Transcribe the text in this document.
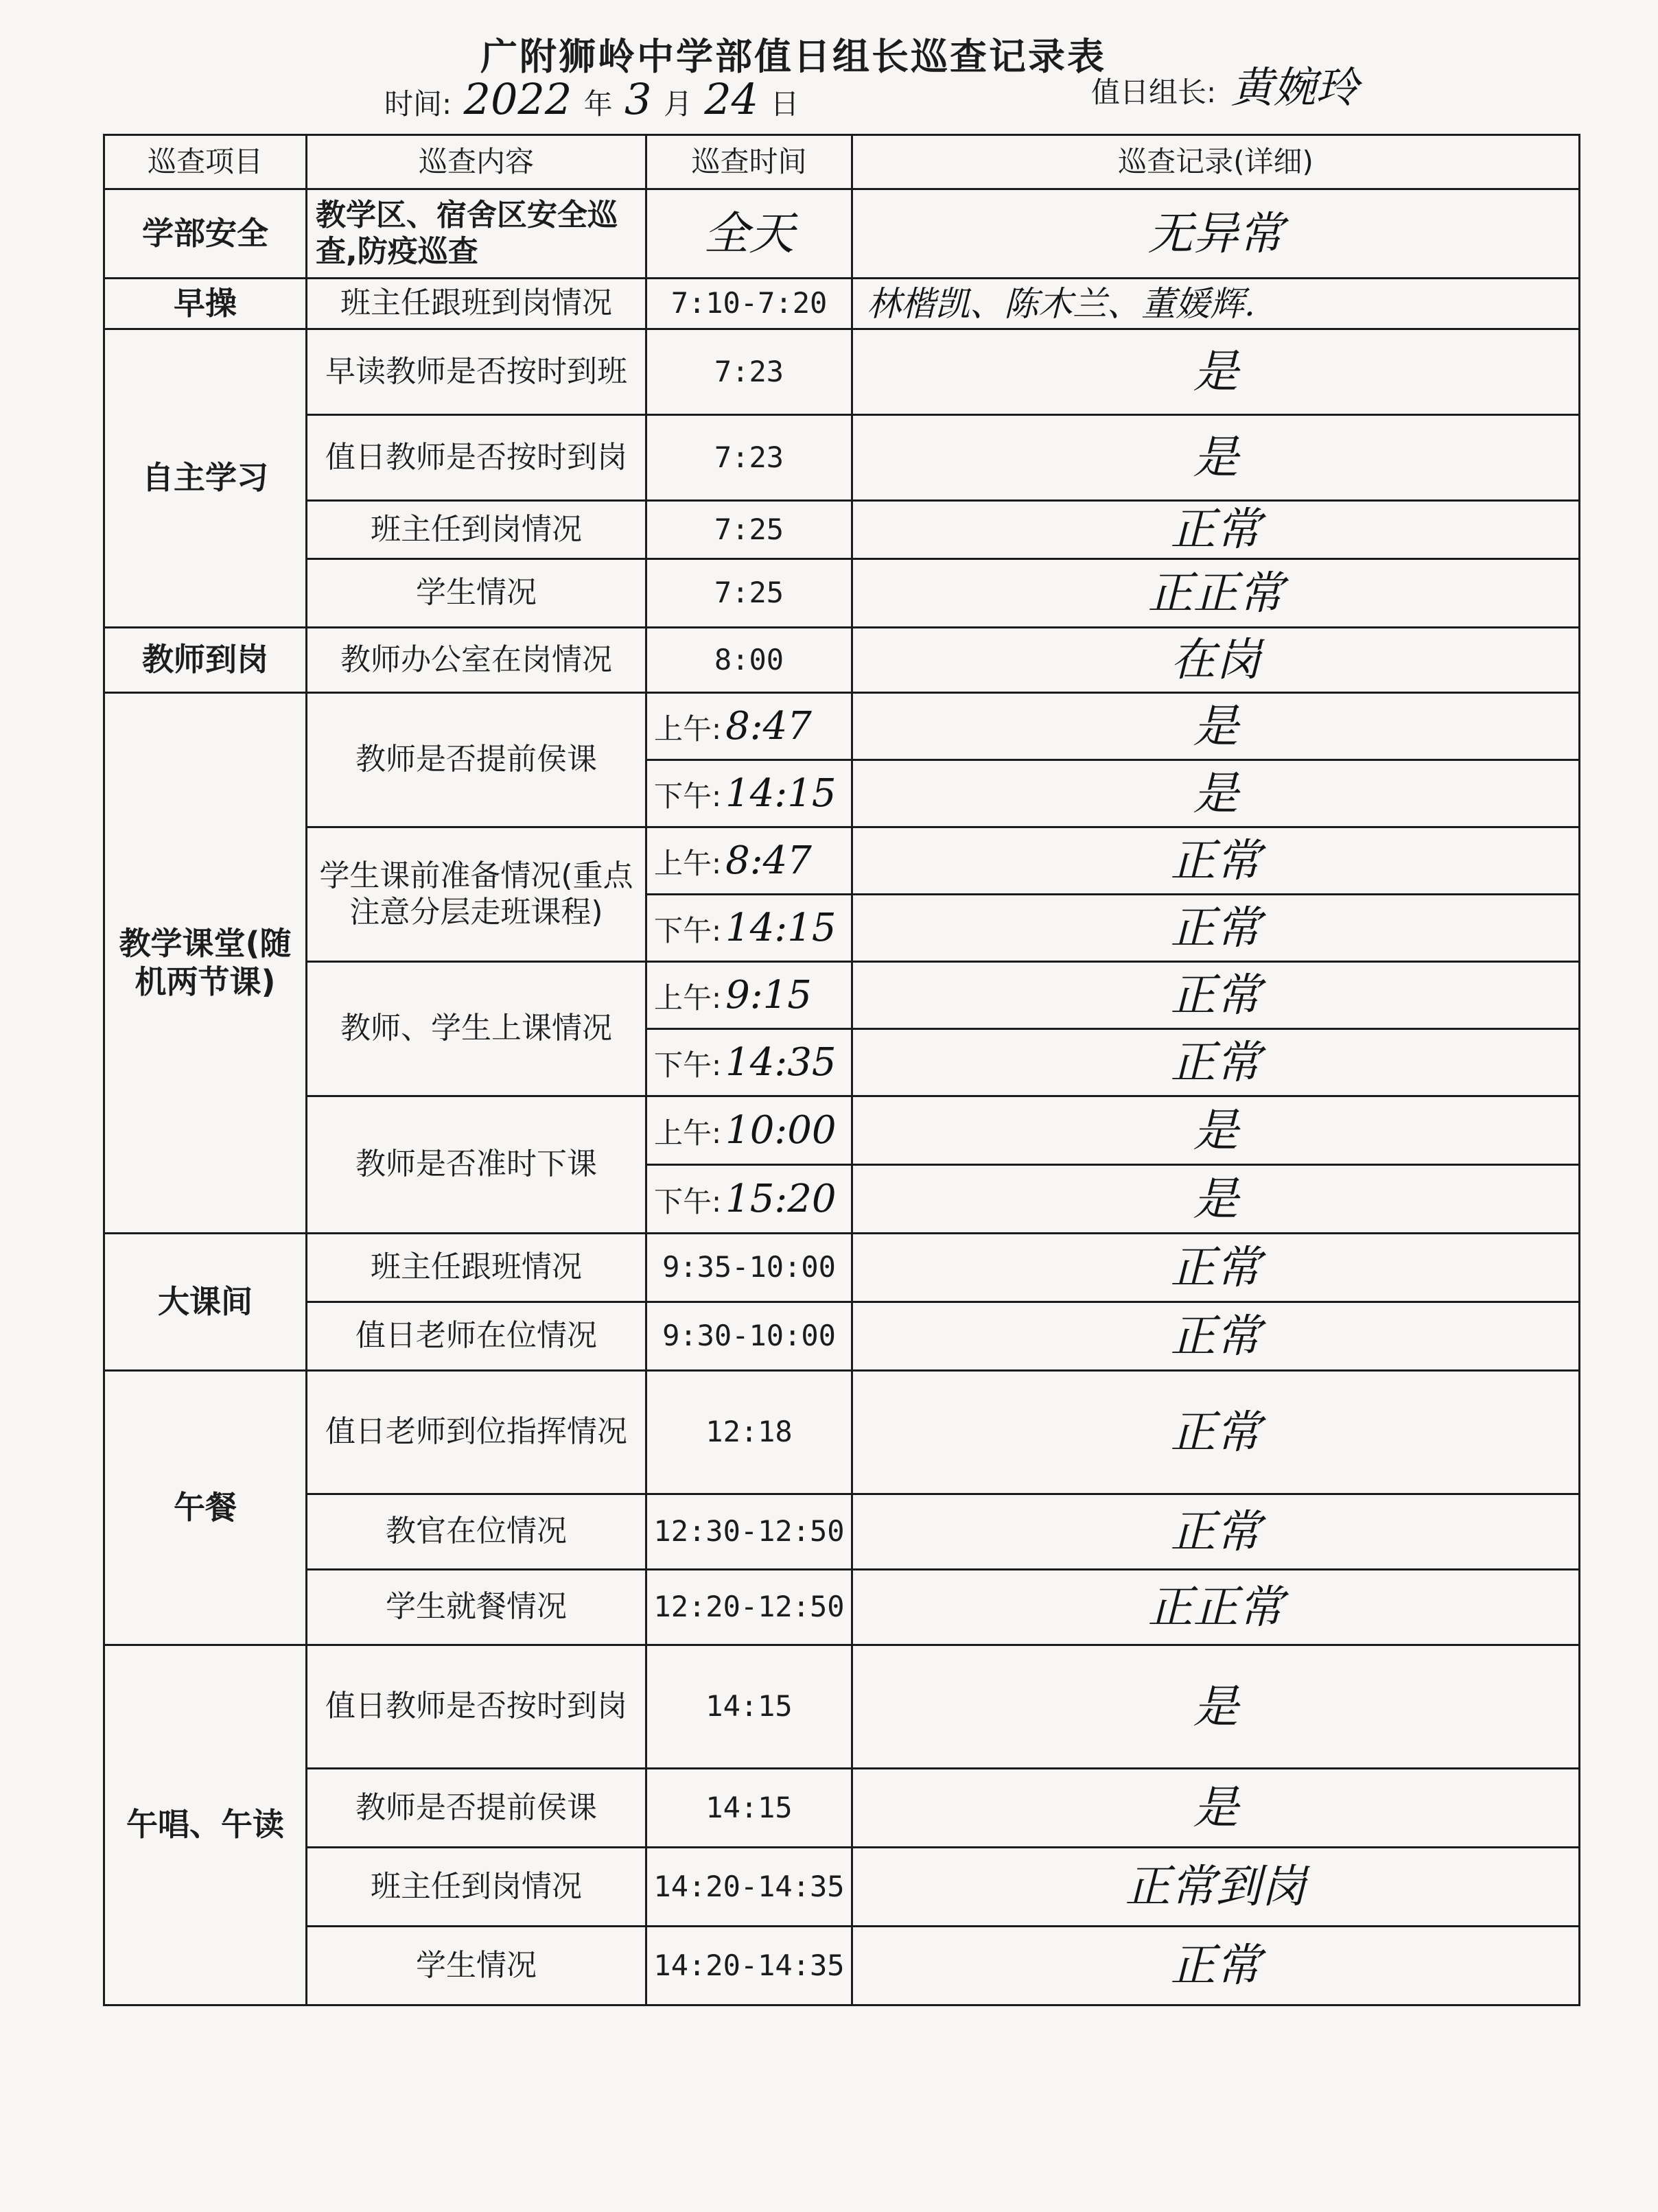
广附狮岭中学部值日组长巡查记录表
时间: 2022 年 3 月 24 日	值日组长: 黄婉玲
巡查项目	巡查内容	巡查时间	巡查记录(详细)
学部安全	教学区、宿舍区安全巡查,防疫巡查	全天	无异常
早操	班主任跟班到岗情况	7:10-7:20	林楷凯、陈木兰、董媛辉.
自主学习	早读教师是否按时到班	7:23	是
	值日教师是否按时到岗	7:23	是
	班主任到岗情况	7:25	正常
	学生情况	7:25	正正常
教师到岗	教师办公室在岗情况	8:00	在岗
教学课堂(随机两节课)	教师是否提前侯课	上午: 8:47	是
		下午: 14:15	是
	学生课前准备情况(重点注意分层走班课程)	上午: 8:47	正常
		下午: 14:15	正常
	教师、学生上课情况	上午: 9:15	正常
		下午: 14:35	正常
	教师是否准时下课	上午: 10:00	是
		下午: 15:20	是
大课间	班主任跟班情况	9:35-10:00	正常
	值日老师在位情况	9:30-10:00	正常
午餐	值日老师到位指挥情况	12:18	正常
	教官在位情况	12:30-12:50	正常
	学生就餐情况	12:20-12:50	正正常
午唱、午读	值日教师是否按时到岗	14:15	是
	教师是否提前侯课	14:15	是
	班主任到岗情况	14:20-14:35	正常到岗
	学生情况	14:20-14:35	正常
